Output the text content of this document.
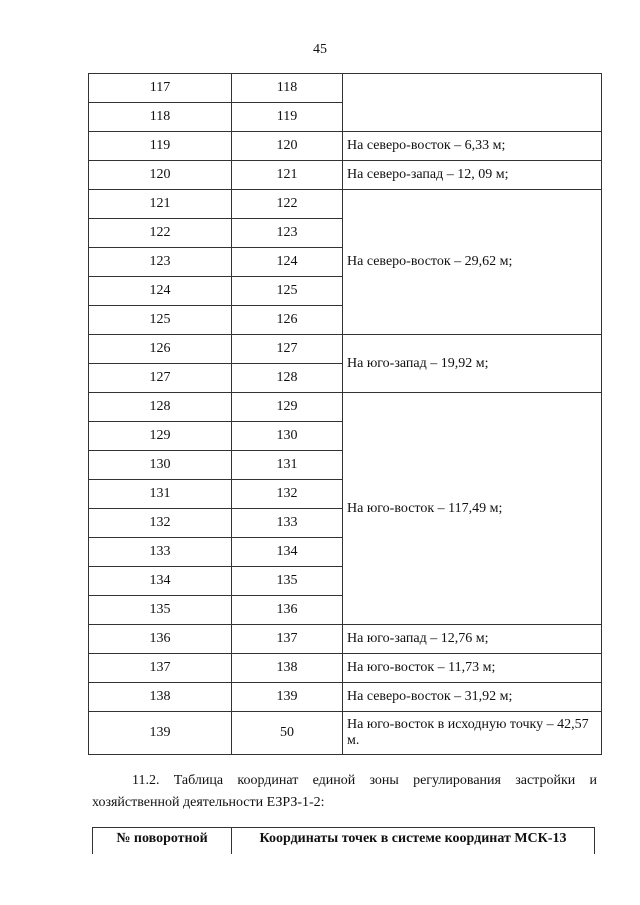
45
117	118	
118	119	
119	120	На северо-восток – 6,33 м;
120	121	На северо-запад – 12, 09 м;
121	122	На северо-восток – 29,62 м;
122	123	
123	124	
124	125	
125	126	
126	127	На юго-запад – 19,92 м;
127	128	
128	129	На юго-восток – 117,49 м;
129	130	
130	131	
131	132	
132	133	
133	134	
134	135	
135	136	
136	137	На юго-запад – 12,76 м;
137	138	На юго-восток – 11,73 м;
138	139	На северо-восток – 31,92 м;
139	50	На юго-восток в исходную точку – 42,57 м.
11.2. Таблица координат единой зоны регулирования застройки и
хозяйственной деятельности ЕЗРЗ-1-2:
№ поворотной	Координаты точек в системе координат МСК-13
